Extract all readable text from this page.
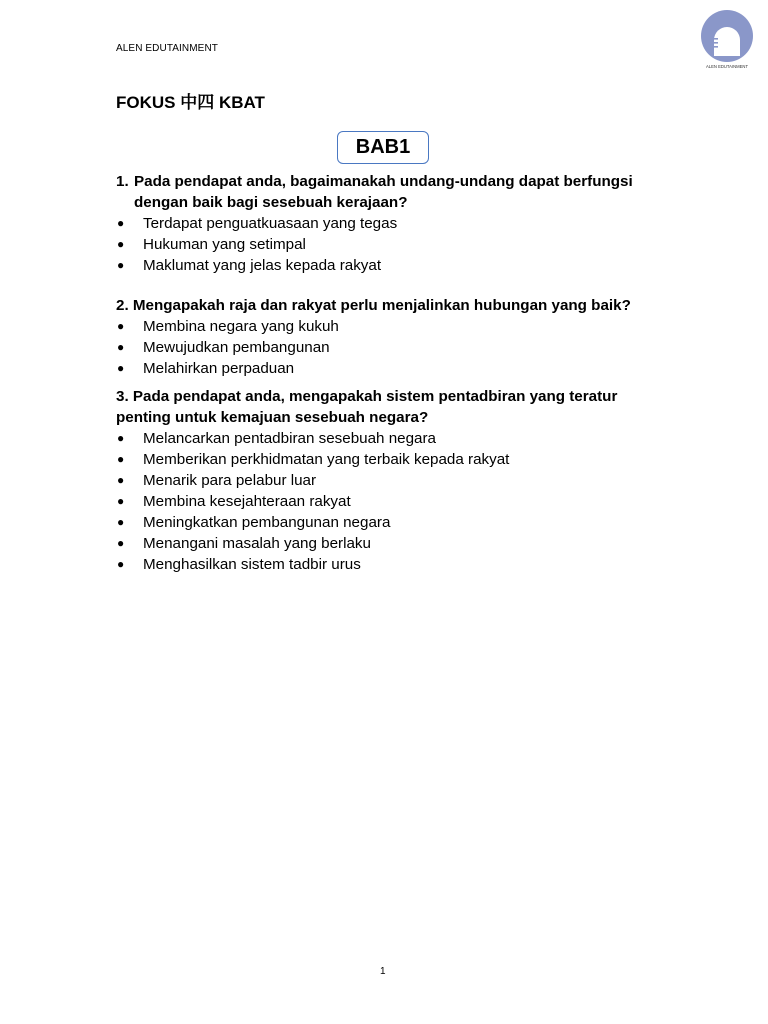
ALEN EDUTAINMENT
ALEN EDUTAINMENT
FOKUS 中四 KBAT
BAB1
1. Pada pendapat anda, bagaimanakah undang-undang dapat berfungsi
dengan baik bagi sesebuah kerajaan?
● Terdapat penguatkuasaan yang tegas
● Hukuman yang setimpal
● Maklumat yang jelas kepada rakyat
2. Mengapakah raja dan rakyat perlu menjalinkan hubungan yang baik?
● Membina negara yang kukuh
● Mewujudkan pembangunan
● Melahirkan perpaduan
3. Pada pendapat anda, mengapakah sistem pentadbiran yang teratur
penting untuk kemajuan sesebuah negara?
● Melancarkan pentadbiran sesebuah negara
● Memberikan perkhidmatan yang terbaik kepada rakyat
● Menarik para pelabur luar
● Membina kesejahteraan rakyat
● Meningkatkan pembangunan negara
● Menangani masalah yang berlaku
● Menghasilkan sistem tadbir urus
1
